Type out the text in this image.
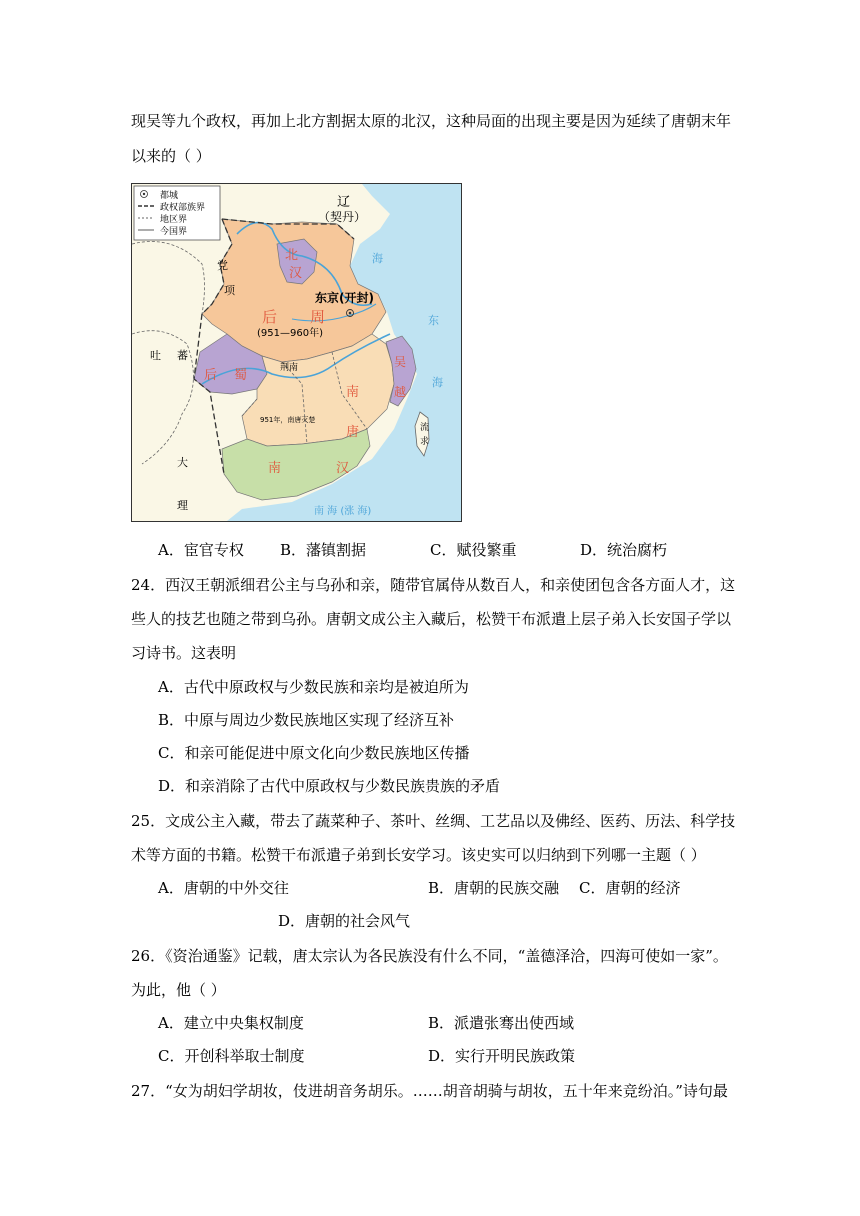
现吴等九个政权，再加上北方割据太原的北汉，这种局面的出现主要是因为延续了唐朝末年
以来的（ ）
都城
政权部族界
地区界
今国界
辽
（契丹）
党
项
吐 蕃
大
理
北
汉
东京(开封)
后 周
(951—960年)
后 蜀	荆南
南
唐
951年，南唐灭楚
吴
越
南	汉
海
东
海
流
求
南 海 (涨 海)
A．宦官专权 B．藩镇割据	C．赋役繁重	D．统治腐朽
24．西汉王朝派细君公主与乌孙和亲，随带官属侍从数百人，和亲使团包含各方面人才，这
些人的技艺也随之带到乌孙。唐朝文成公主入藏后，松赞干布派遣上层子弟入长安国子学以
习诗书。这表明
A．古代中原政权与少数民族和亲均是被迫所为
B．中原与周边少数民族地区实现了经济互补
C．和亲可能促进中原文化向少数民族地区传播
D．和亲消除了古代中原政权与少数民族贵族的矛盾
25．文成公主入藏，带去了蔬菜种子、茶叶、丝绸、工艺品以及佛经、医药、历法、科学技
术等方面的书籍。松赞干布派遣子弟到长安学习。该史实可以归纳到下列哪一主题（ ）
A．唐朝的中外交往	B．唐朝的民族交融 C．唐朝的经济
D．唐朝的社会风气
26．《资治通鉴》记载，唐太宗认为各民族没有什么不同，“盖德泽洽，四海可使如一家”。
为此，他（ ）
A．建立中央集权制度	B．派遣张骞出使西域
C．开创科举取士制度	D．实行开明民族政策
27．“女为胡妇学胡妆，伎进胡音务胡乐。……胡音胡骑与胡妆，五十年来竞纷泊。”诗句最
